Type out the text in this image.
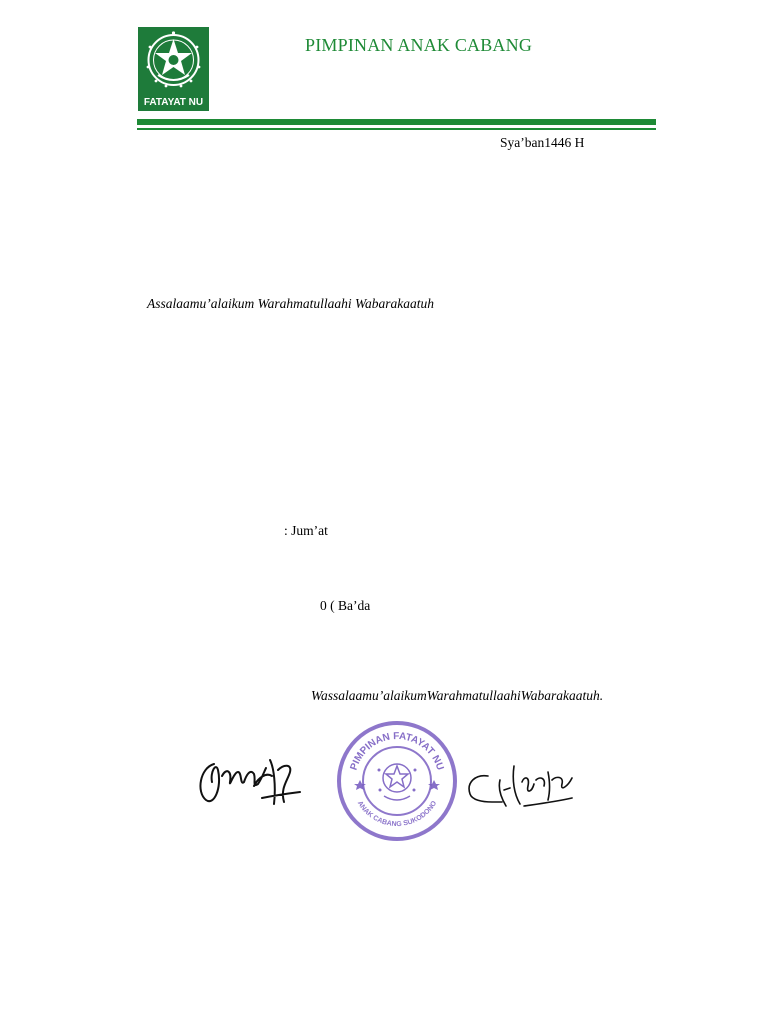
FATAYAT NU
PIMPINAN ANAK CABANG
Sya’ban1446 H
Assalaamu’alaikum Warahmatullaahi Wabarakaatuh
: Jum’at
0 ( Ba’da
Wassalaamu’alaikumWarahmatullaahiWabarakaatuh.
PIMPINAN FATAYAT NU
ANAK CABANG SUKODONO
